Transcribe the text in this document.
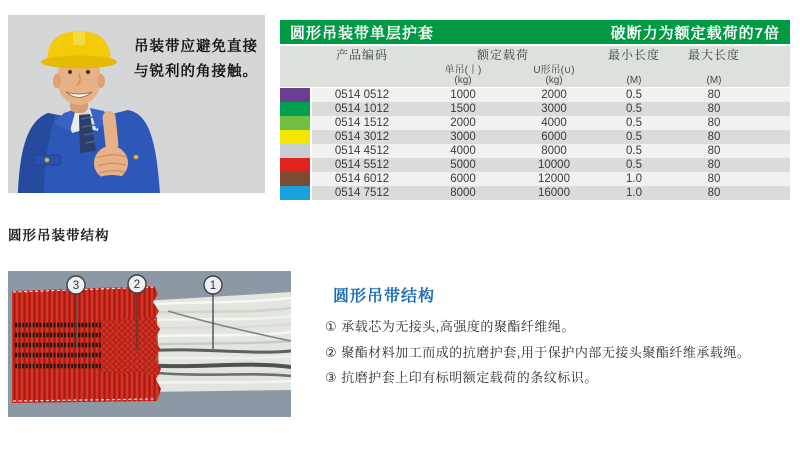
吊装带应避免直接
与锐利的角接触。
圆形吊装带单层护套	破断力为额定载荷的7倍
产品编码	额定载荷	最小长度	最大长度
单吊(丨)	U形吊(∪)
(kg)	(kg)	(M)	(M)
0514 0512	1000	2000	0.5	80
0514 1012	1500	3000	0.5	80
0514 1512	2000	4000	0.5	80
0514 3012	3000	6000	0.5	80
0514 4512	4000	8000	0.5	80
0514 5512	5000	10000	0.5	80
0514 6012	6000	12000	1.0	80
0514 7512	8000	16000	1.0	80
圆形吊装带结构
3	2	1
圆形吊带结构
① 承载芯为无接头,高强度的聚酯纤维绳。
② 聚酯材料加工而成的抗磨护套,用于保护内部无接头聚酯纤维承载绳。
③ 抗磨护套上印有标明额定载荷的条纹标识。
